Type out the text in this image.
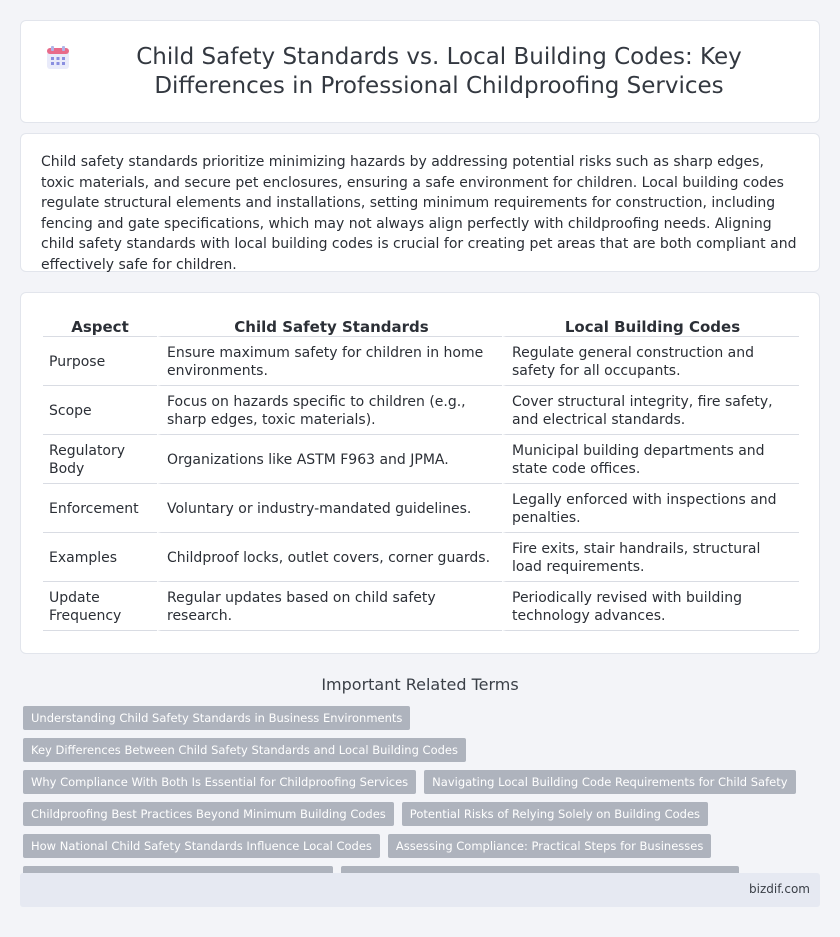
Child Safety Standards vs. Local Building Codes: Key Differences in Professional Childproofing Services

Child safety standards prioritize minimizing hazards by addressing potential risks such as sharp edges, toxic materials, and secure pet enclosures, ensuring a safe environment for children. Local building codes regulate structural elements and installations, setting minimum requirements for construction, including fencing and gate specifications, which may not always align perfectly with childproofing needs. Aligning child safety standards with local building codes is crucial for creating pet areas that are both compliant and effectively safe for children.

Aspect	Child Safety Standards	Local Building Codes
Purpose	Ensure maximum safety for children in home environments.	Regulate general construction and safety for all occupants.
Scope	Focus on hazards specific to children (e.g., sharp edges, toxic materials).	Cover structural integrity, fire safety, and electrical standards.
Regulatory Body	Organizations like ASTM F963 and JPMA.	Municipal building departments and state code offices.
Enforcement	Voluntary or industry-mandated guidelines.	Legally enforced with inspections and penalties.
Examples	Childproof locks, outlet covers, corner guards.	Fire exits, stair handrails, structural load requirements.
Update Frequency	Regular updates based on child safety research.	Periodically revised with building technology advances.
Important Related Terms
Understanding Child Safety Standards in Business Environments
Key Differences Between Child Safety Standards and Local Building Codes
Why Compliance With Both Is Essential for Childproofing Services	Navigating Local Building Code Requirements for Child Safety
Childproofing Best Practices Beyond Minimum Building Codes	Potential Risks of Relying Solely on Building Codes
How National Child Safety Standards Influence Local Codes	Assessing Compliance: Practical Steps for Businesses
bizdif.com
